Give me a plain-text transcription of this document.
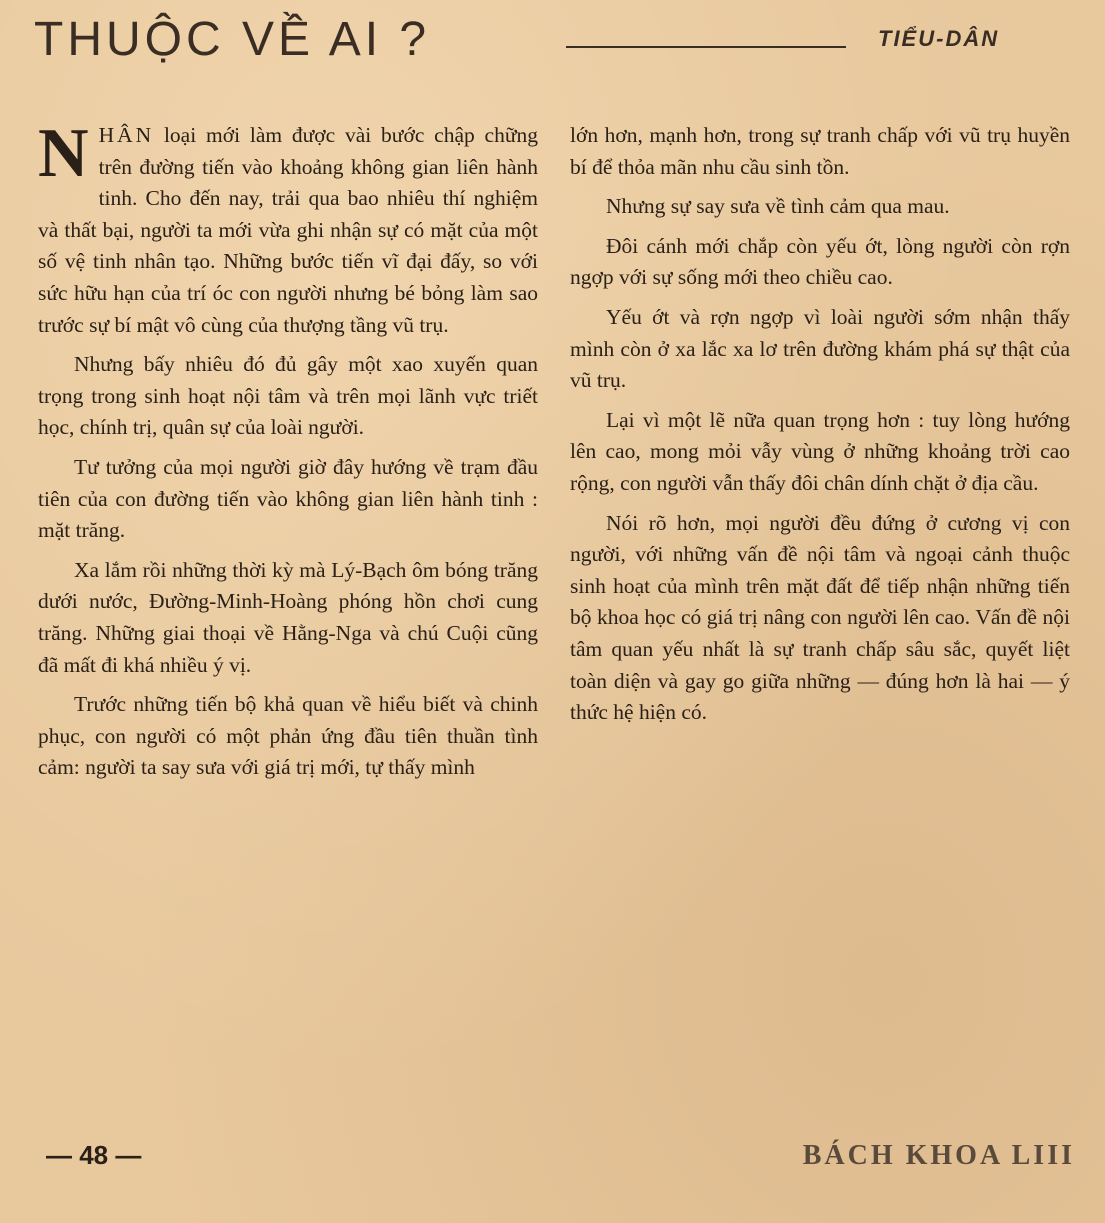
THUỘC VỀ AI ?	TIỂU-DÂN

NHÂN loại mới làm được vài bước chập chững trên đường tiến vào khoảng không gian liên hành tinh. Cho đến nay, trải qua bao nhiêu thí nghiệm và thất bại, người ta mới vừa ghi nhận sự có mặt của một số vệ tinh nhân tạo. Những bước tiến vĩ đại đấy, so với sức hữu hạn của trí óc con người nhưng bé bỏng làm sao trước sự bí mật vô cùng của thượng tầng vũ trụ.

Nhưng bấy nhiêu đó đủ gây một xao xuyến quan trọng trong sinh hoạt nội tâm và trên mọi lãnh vực triết học, chính trị, quân sự của loài người.

Tư tưởng của mọi người giờ đây hướng về trạm đầu tiên của con đường tiến vào không gian liên hành tinh : mặt trăng.

Xa lắm rồi những thời kỳ mà Lý-Bạch ôm bóng trăng dưới nước, Đường-Minh-Hoàng phóng hồn chơi cung trăng. Những giai thoại về Hằng-Nga và chú Cuội cũng đã mất đi khá nhiều ý vị.

Trước những tiến bộ khả quan về hiểu biết và chinh phục, con người có một phản ứng đầu tiên thuần tình cảm: người ta say sưa với giá trị mới, tự thấy mình

lớn hơn, mạnh hơn, trong sự tranh chấp với vũ trụ huyền bí để thỏa mãn nhu cầu sinh tồn.

Nhưng sự say sưa về tình cảm qua mau.

Đôi cánh mới chắp còn yếu ớt, lòng người còn rợn ngợp với sự sống mới theo chiều cao.

Yếu ớt và rợn ngợp vì loài người sớm nhận thấy mình còn ở xa lắc xa lơ trên đường khám phá sự thật của vũ trụ.

Lại vì một lẽ nữa quan trọng hơn : tuy lòng hướng lên cao, mong mỏi vẫy vùng ở những khoảng trời cao rộng, con người vẫn thấy đôi chân dính chặt ở địa cầu.

Nói rõ hơn, mọi người đều đứng ở cương vị con người, với những vấn đề nội tâm và ngoại cảnh thuộc sinh hoạt của mình trên mặt đất để tiếp nhận những tiến bộ khoa học có giá trị nâng con người lên cao. Vấn đề nội tâm quan yếu nhất là sự tranh chấp sâu sắc, quyết liệt toàn diện và gay go giữa những — đúng hơn là hai — ý thức hệ hiện có.

— 48 —	BÁCH KHOA LIII
